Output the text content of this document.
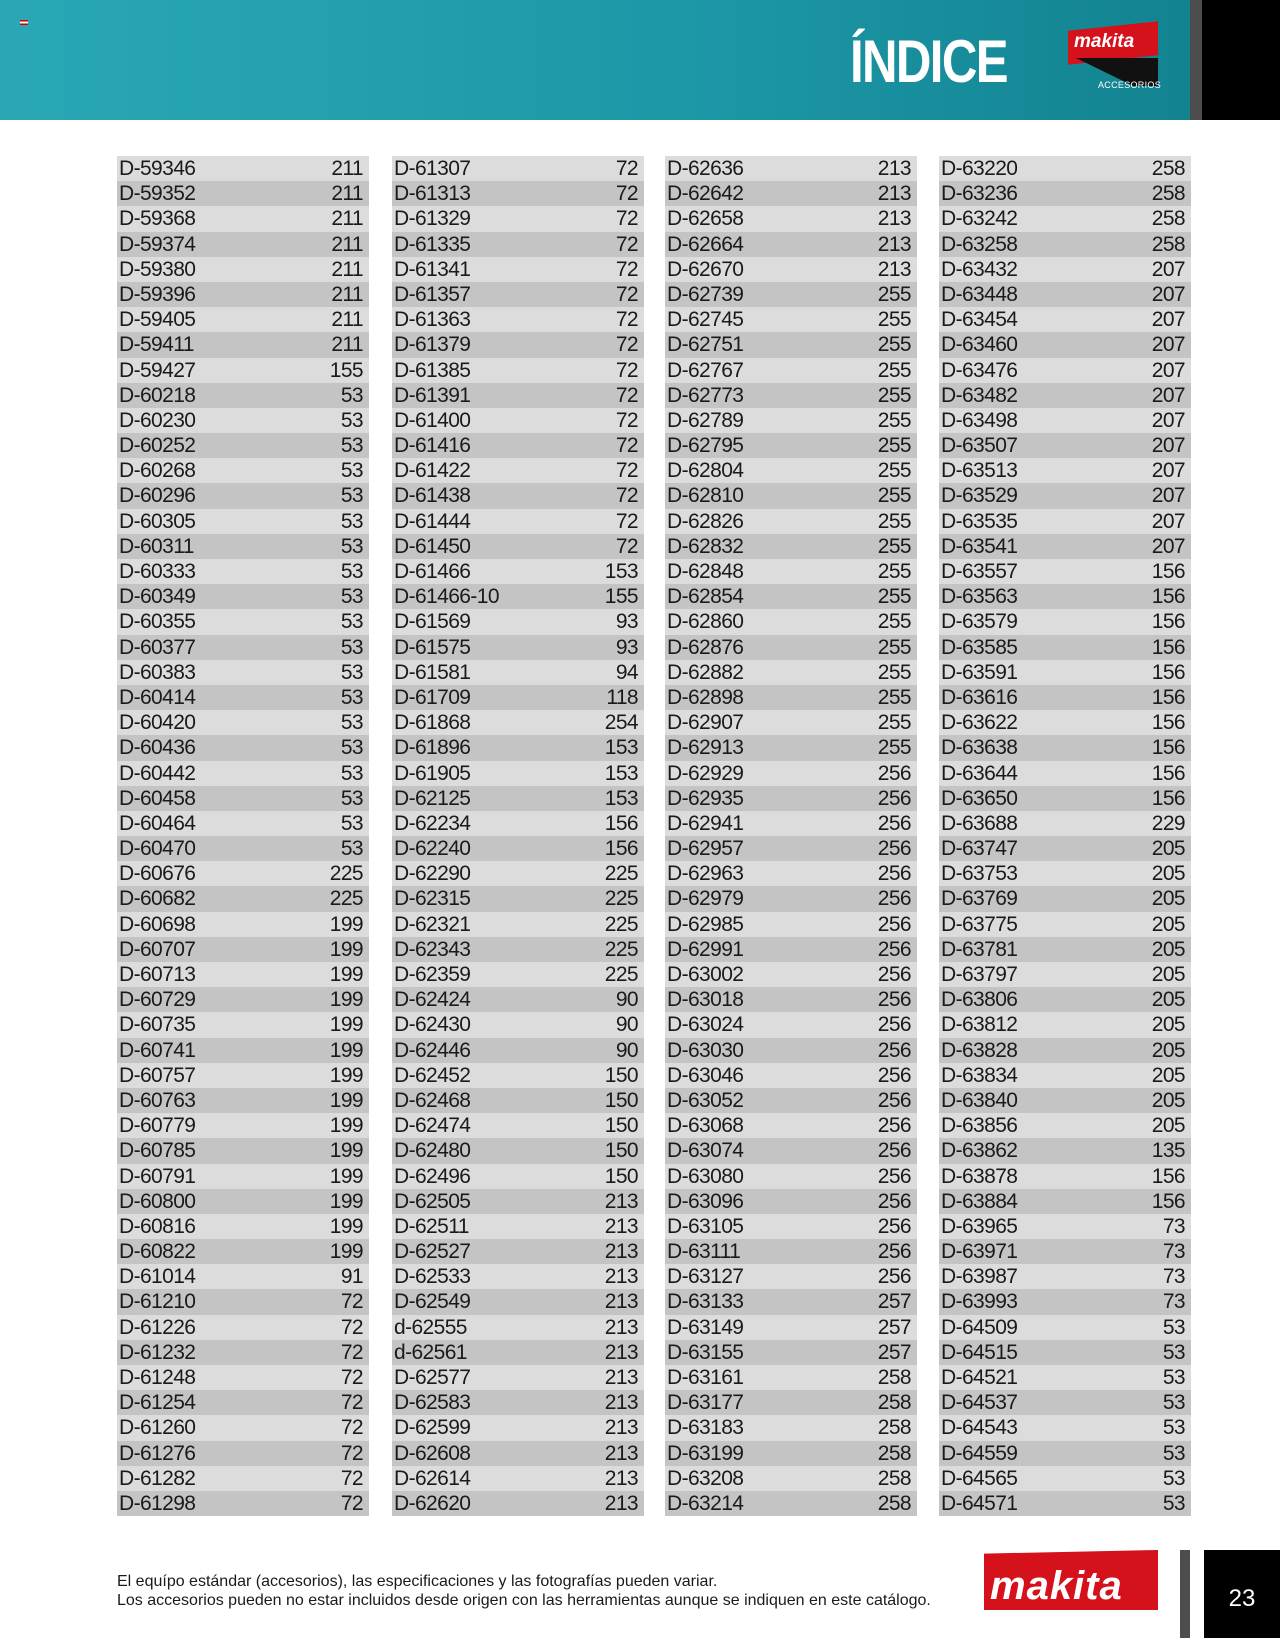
ÍNDICE	makita
ACCESORIOS
D-59346	211
D-59352	211
D-59368	211
D-59374	211
D-59380	211
D-59396	211
D-59405	211
D-59411	211
D-59427	155
D-60218	53
D-60230	53
D-60252	53
D-60268	53
D-60296	53
D-60305	53
D-60311	53
D-60333	53
D-60349	53
D-60355	53
D-60377	53
D-60383	53
D-60414	53
D-60420	53
D-60436	53
D-60442	53
D-60458	53
D-60464	53
D-60470	53
D-60676	225
D-60682	225
D-60698	199
D-60707	199
D-60713	199
D-60729	199
D-60735	199
D-60741	199
D-60757	199
D-60763	199
D-60779	199
D-60785	199
D-60791	199
D-60800	199
D-60816	199
D-60822	199
D-61014	91
D-61210	72
D-61226	72
D-61232	72
D-61248	72
D-61254	72
D-61260	72
D-61276	72
D-61282	72
D-61298	72
D-61307	72
D-61313	72
D-61329	72
D-61335	72
D-61341	72
D-61357	72
D-61363	72
D-61379	72
D-61385	72
D-61391	72
D-61400	72
D-61416	72
D-61422	72
D-61438	72
D-61444	72
D-61450	72
D-61466	153
D-61466-10	155
D-61569	93
D-61575	93
D-61581	94
D-61709	118
D-61868	254
D-61896	153
D-61905	153
D-62125	153
D-62234	156
D-62240	156
D-62290	225
D-62315	225
D-62321	225
D-62343	225
D-62359	225
D-62424	90
D-62430	90
D-62446	90
D-62452	150
D-62468	150
D-62474	150
D-62480	150
D-62496	150
D-62505	213
D-62511	213
D-62527	213
D-62533	213
D-62549	213
d-62555	213
d-62561	213
D-62577	213
D-62583	213
D-62599	213
D-62608	213
D-62614	213
D-62620	213
D-62636	213
D-62642	213
D-62658	213
D-62664	213
D-62670	213
D-62739	255
D-62745	255
D-62751	255
D-62767	255
D-62773	255
D-62789	255
D-62795	255
D-62804	255
D-62810	255
D-62826	255
D-62832	255
D-62848	255
D-62854	255
D-62860	255
D-62876	255
D-62882	255
D-62898	255
D-62907	255
D-62913	255
D-62929	256
D-62935	256
D-62941	256
D-62957	256
D-62963	256
D-62979	256
D-62985	256
D-62991	256
D-63002	256
D-63018	256
D-63024	256
D-63030	256
D-63046	256
D-63052	256
D-63068	256
D-63074	256
D-63080	256
D-63096	256
D-63105	256
D-63111	256
D-63127	256
D-63133	257
D-63149	257
D-63155	257
D-63161	258
D-63177	258
D-63183	258
D-63199	258
D-63208	258
D-63214	258
D-63220	258
D-63236	258
D-63242	258
D-63258	258
D-63432	207
D-63448	207
D-63454	207
D-63460	207
D-63476	207
D-63482	207
D-63498	207
D-63507	207
D-63513	207
D-63529	207
D-63535	207
D-63541	207
D-63557	156
D-63563	156
D-63579	156
D-63585	156
D-63591	156
D-63616	156
D-63622	156
D-63638	156
D-63644	156
D-63650	156
D-63688	229
D-63747	205
D-63753	205
D-63769	205
D-63775	205
D-63781	205
D-63797	205
D-63806	205
D-63812	205
D-63828	205
D-63834	205
D-63840	205
D-63856	205
D-63862	135
D-63878	156
D-63884	156
D-63965	73
D-63971	73
D-63987	73
D-63993	73
D-64509	53
D-64515	53
D-64521	53
D-64537	53
D-64543	53
D-64559	53
D-64565	53
D-64571	53
El equípo estándar (accesorios), las especificaciones y las fotografías pueden variar.
Los accesorios pueden no estar incluidos desde origen con las herramientas aunque se indiquen en este catálogo. makita	23
